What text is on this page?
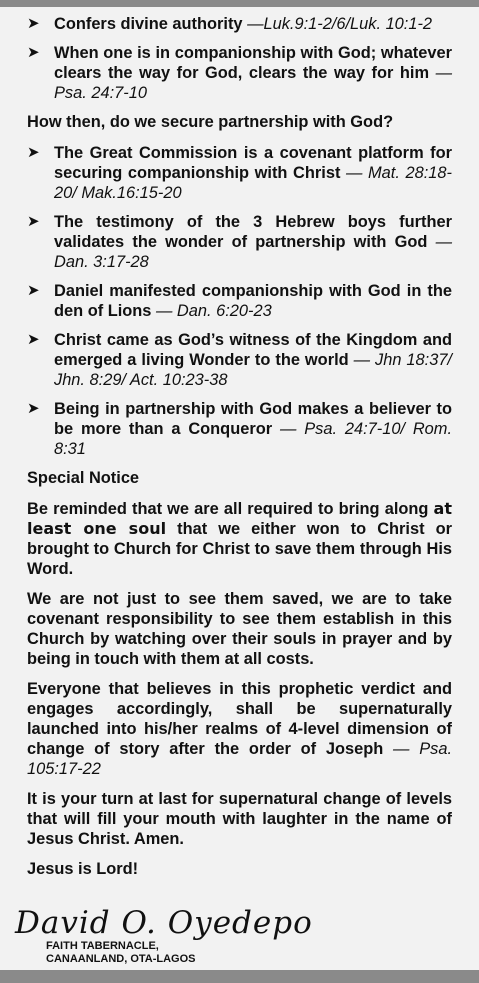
➤ Confers divine authority —Luk.9:1-2/6/Luk. 10:1-2
➤ When one is in companionship with God; whatever clears the way for God, clears the way for him — Psa. 24:7-10
How then, do we secure partnership with God?
➤ The Great Commission is a covenant platform for securing companionship with Christ — Mat. 28:18-20/ Mak.16:15-20
➤ The testimony of the 3 Hebrew boys further validates the wonder of partnership with God — Dan. 3:17-28
➤ Daniel manifested companionship with God in the den of Lions — Dan. 6:20-23
➤ Christ came as God’s witness of the Kingdom and emerged a living Wonder to the world — Jhn 18:37/ Jhn. 8:29/ Act. 10:23-38
➤ Being in partnership with God makes a believer to be more than a Conqueror — Psa. 24:7-10/ Rom. 8:31
Special Notice
Be reminded that we are all required to bring along at least one soul that we either won to Christ or brought to Church for Christ to save them through His Word.
We are not just to see them saved, we are to take covenant responsibility to see them establish in this Church by watching over their souls in prayer and by being in touch with them at all costs.
Everyone that believes in this prophetic verdict and engages accordingly, shall be supernaturally launched into his/her realms of 4-level dimension of change of story after the order of Joseph — Psa. 105:17-22
It is your turn at last for supernatural change of levels that will fill your mouth with laughter in the name of Jesus Christ. Amen.
Jesus is Lord!
David O. Oyedepo
FAITH TABERNACLE,
CANAANLAND, OTA-LAGOS
